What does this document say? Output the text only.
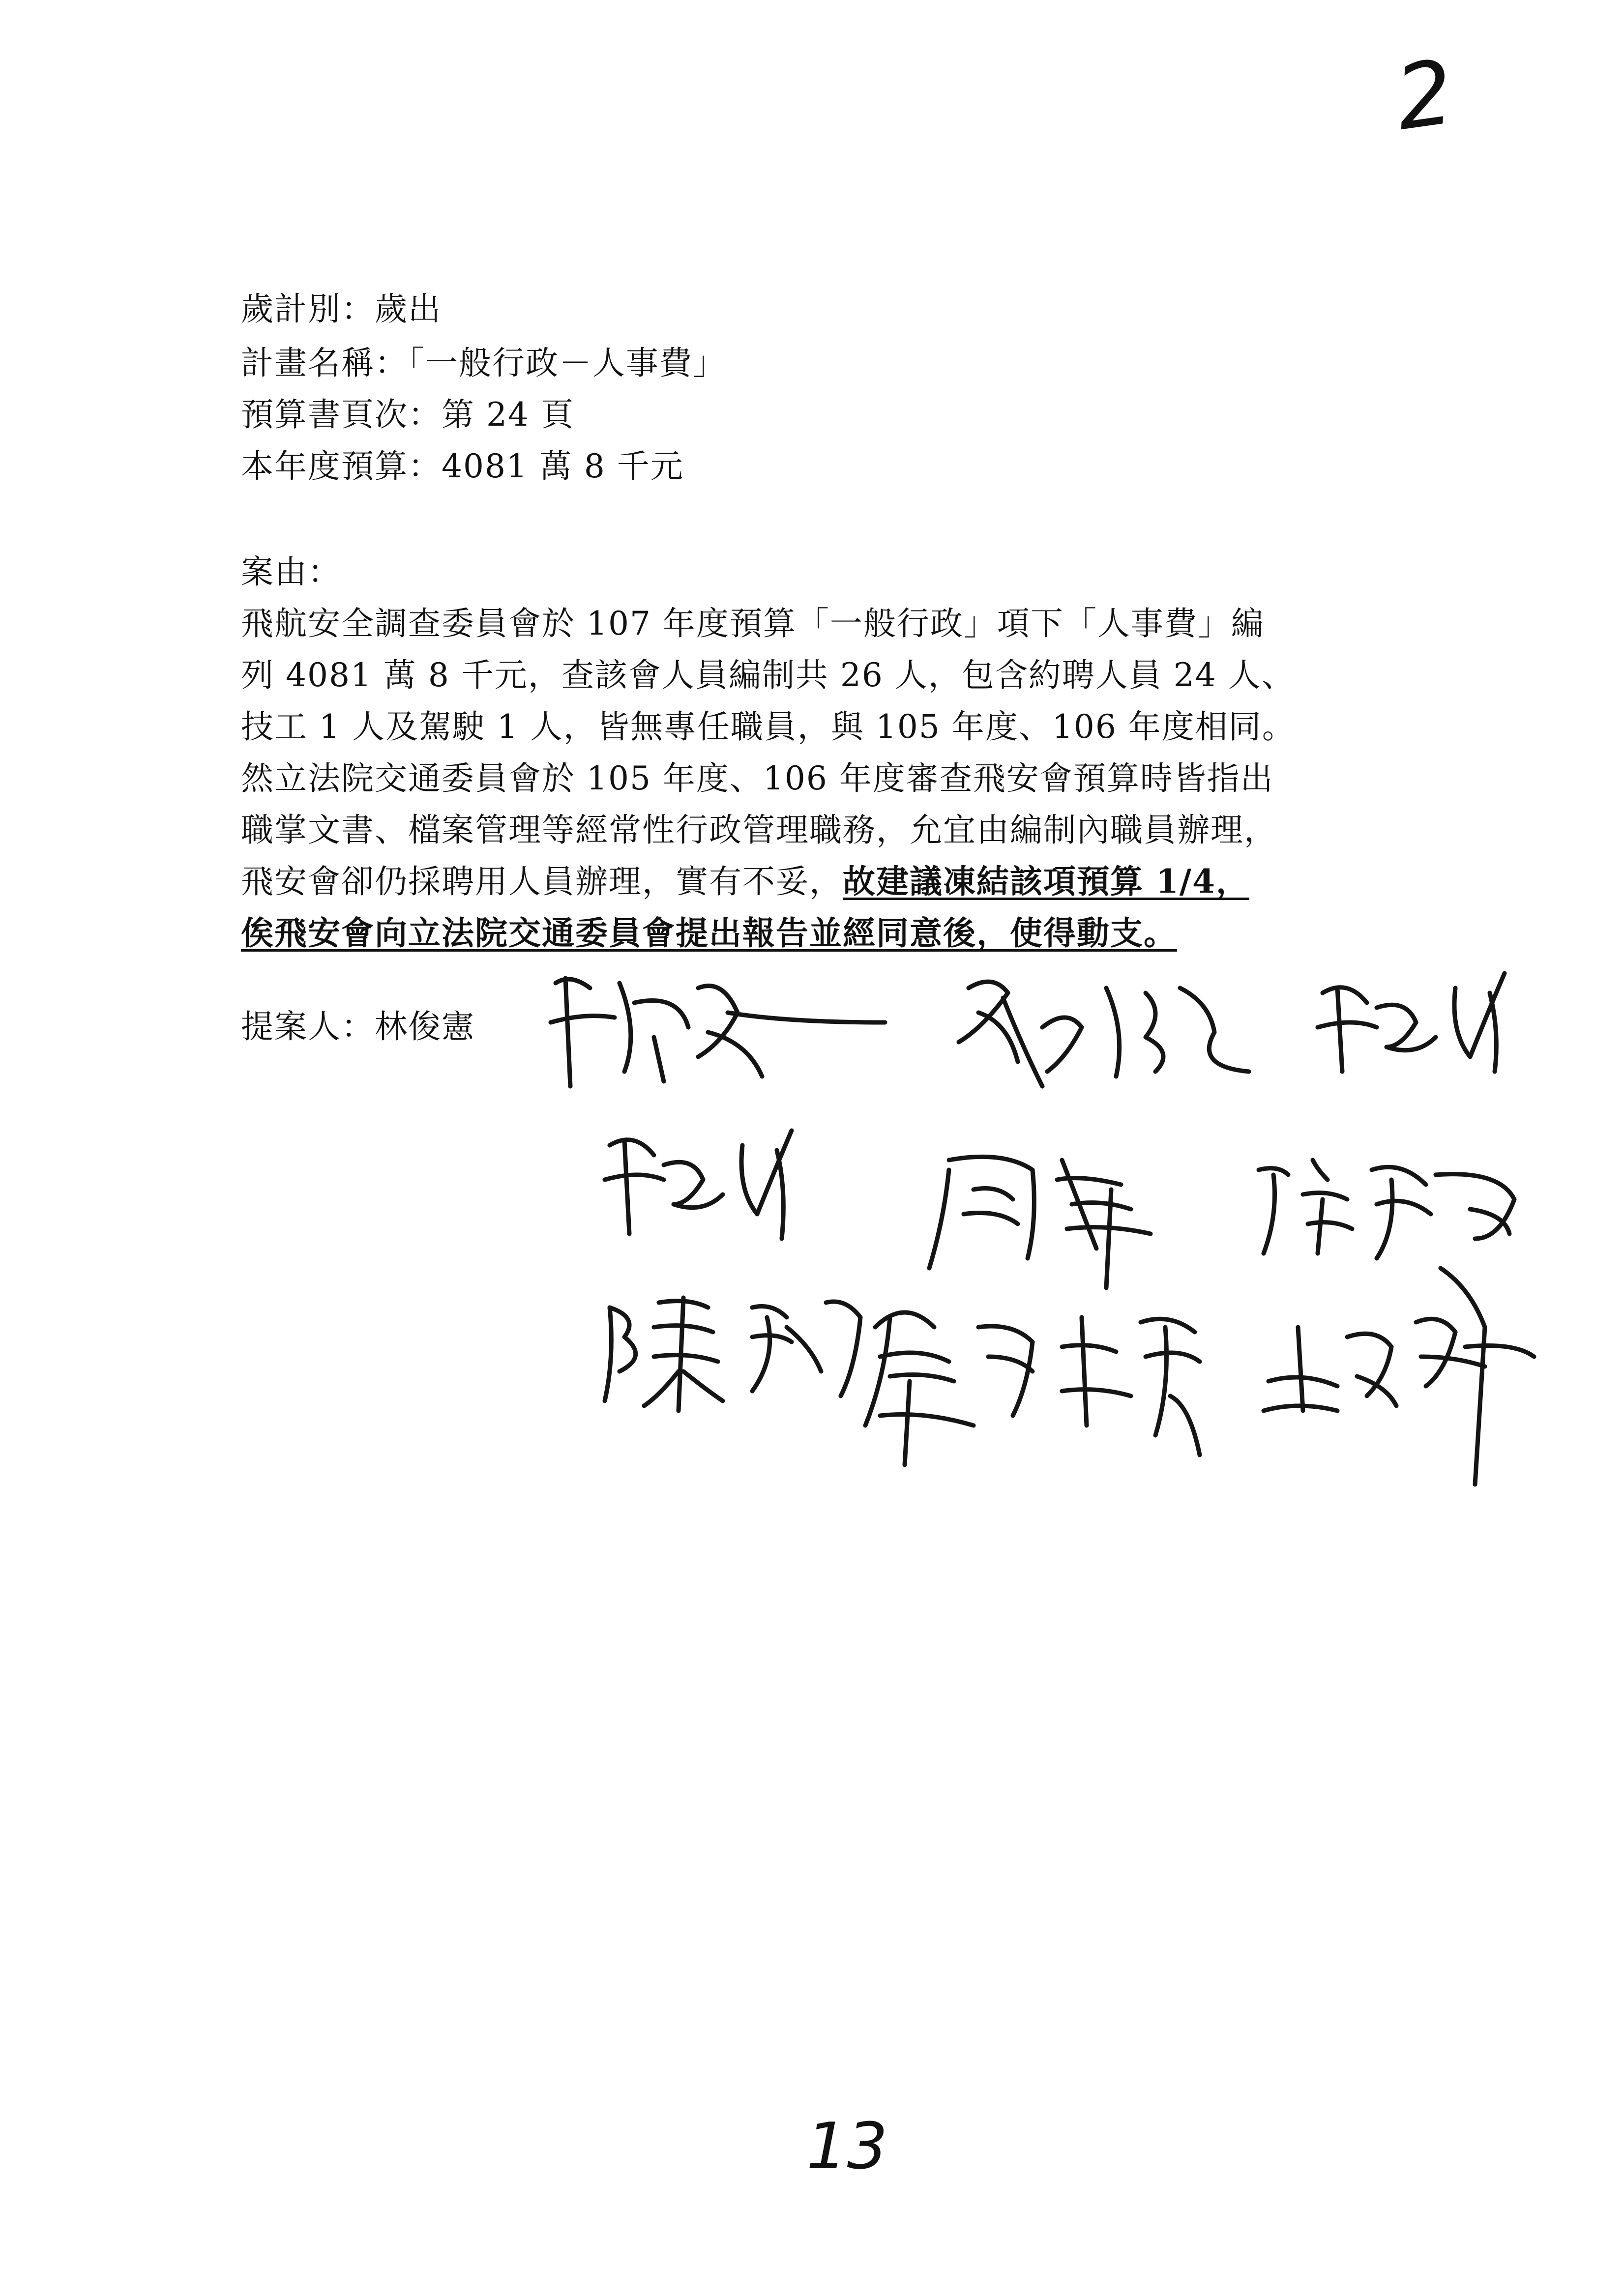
2
歲計別：歲出
計畫名稱：「一般行政－人事費」
預算書頁次：第 24 頁
本年度預算：4081 萬 8 千元
案由：
飛航安全調查委員會於 107 年度預算「一般行政」項下「人事費」編
列 4081 萬 8 千元，查該會人員編制共 26 人，包含約聘人員 24 人、
技工 1 人及駕駛 1 人，皆無專任職員，與 105 年度、106 年度相同。
然立法院交通委員會於 105 年度、106 年度審查飛安會預算時皆指出
職掌文書、檔案管理等經常性行政管理職務，允宜由編制內職員辦理，
飛安會卻仍採聘用人員辦理，實有不妥，故建議凍結該項預算 1/4，
俟飛安會向立法院交通委員會提出報告並經同意後，使得動支。
提案人：林俊憲
13
